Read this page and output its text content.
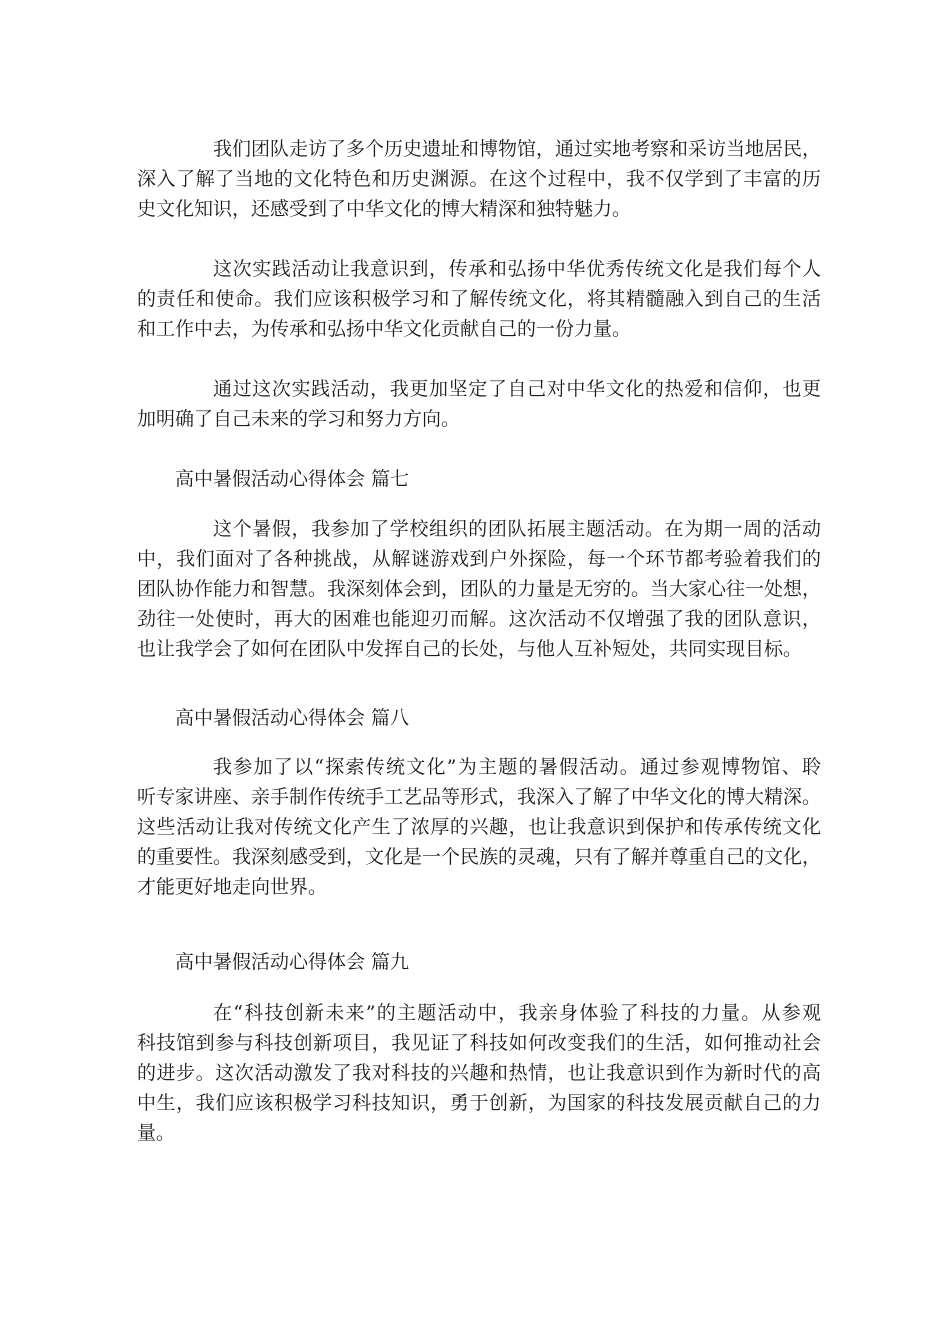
我们团队走访了多个历史遗址和博物馆，通过实地考察和采访当地居民，
深入了解了当地的文化特色和历史渊源。在这个过程中，我不仅学到了丰富的历
史文化知识，还感受到了中华文化的博大精深和独特魅力。

这次实践活动让我意识到，传承和弘扬中华优秀传统文化是我们每个人
的责任和使命。我们应该积极学习和了解传统文化，将其精髓融入到自己的生活
和工作中去，为传承和弘扬中华文化贡献自己的一份力量。

通过这次实践活动，我更加坚定了自己对中华文化的热爱和信仰，也更
加明确了自己未来的学习和努力方向。

高中暑假活动心得体会 篇七

这个暑假，我参加了学校组织的团队拓展主题活动。在为期一周的活动
中，我们面对了各种挑战，从解谜游戏到户外探险，每一个环节都考验着我们的
团队协作能力和智慧。我深刻体会到，团队的力量是无穷的。当大家心往一处想，
劲往一处使时，再大的困难也能迎刃而解。这次活动不仅增强了我的团队意识，
也让我学会了如何在团队中发挥自己的长处，与他人互补短处，共同实现目标。

高中暑假活动心得体会 篇八

我参加了以“探索传统文化”为主题的暑假活动。通过参观博物馆、聆
听专家讲座、亲手制作传统手工艺品等形式，我深入了解了中华文化的博大精深。
这些活动让我对传统文化产生了浓厚的兴趣，也让我意识到保护和传承传统文化
的重要性。我深刻感受到，文化是一个民族的灵魂，只有了解并尊重自己的文化，
才能更好地走向世界。

高中暑假活动心得体会 篇九

在“科技创新未来”的主题活动中，我亲身体验了科技的力量。从参观
科技馆到参与科技创新项目，我见证了科技如何改变我们的生活，如何推动社会
的进步。这次活动激发了我对科技的兴趣和热情，也让我意识到作为新时代的高
中生，我们应该积极学习科技知识，勇于创新，为国家的科技发展贡献自己的力
量。
